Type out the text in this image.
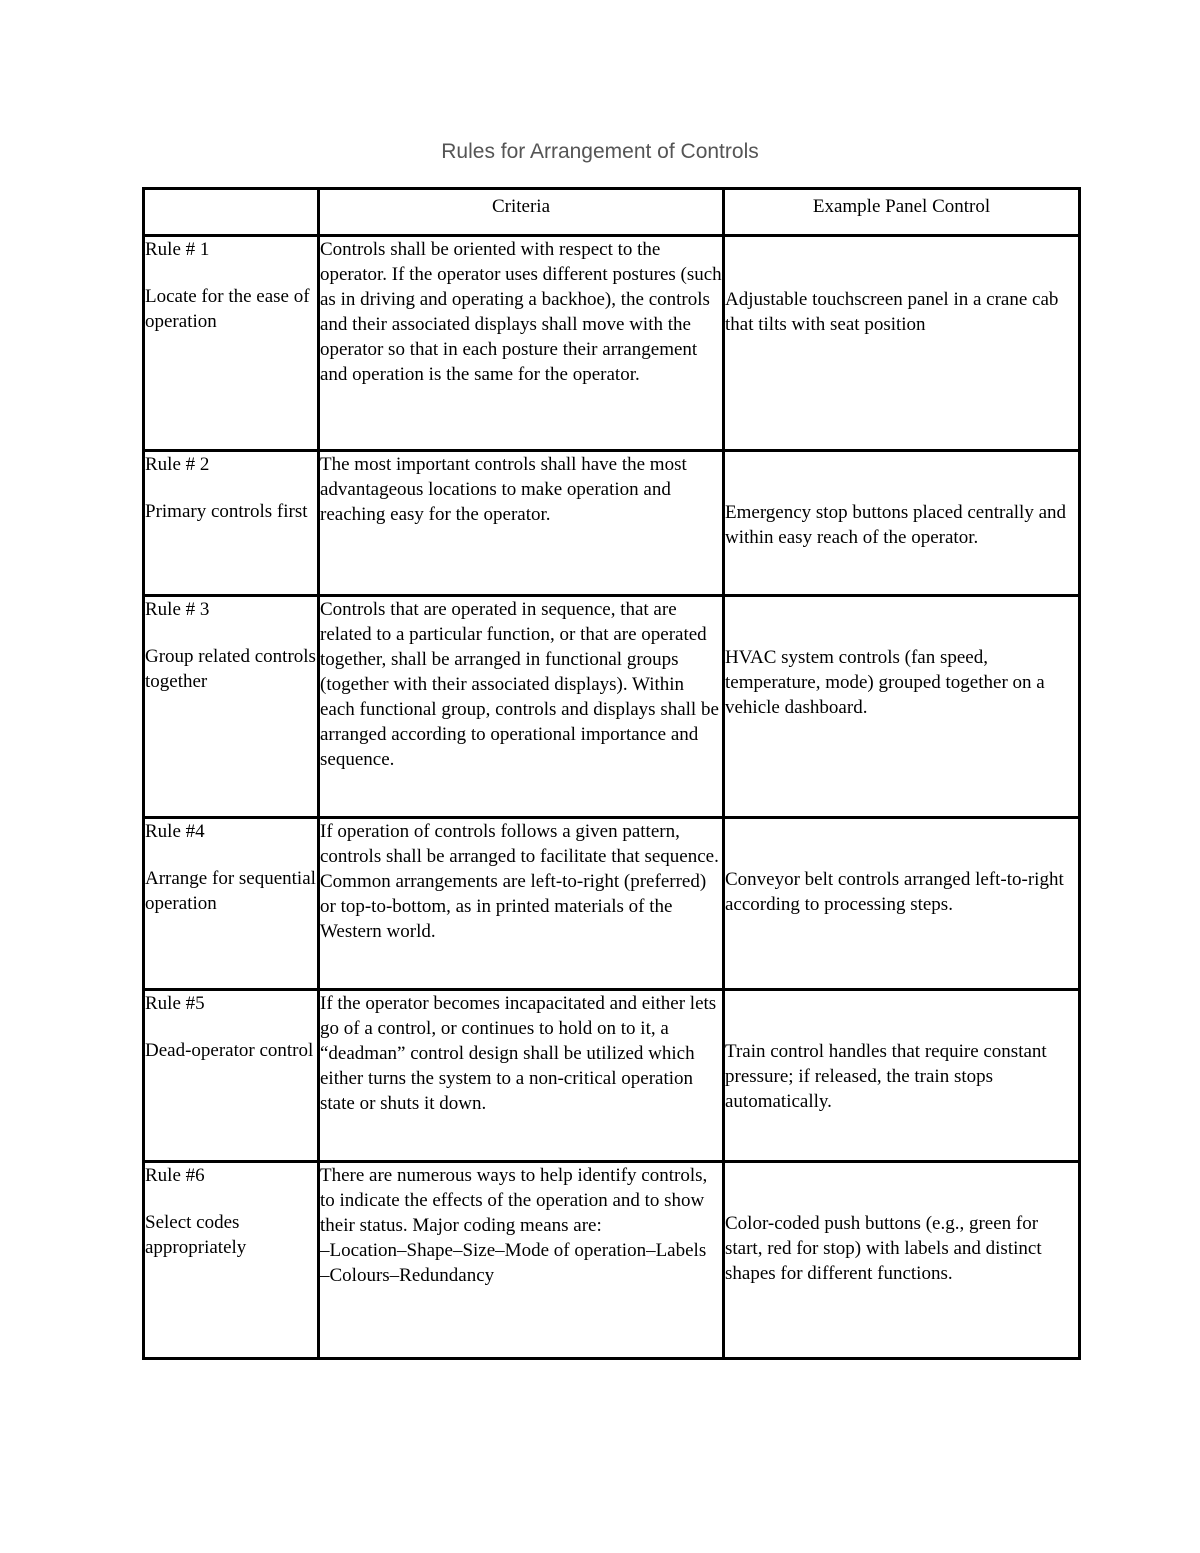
Rules for Arrangement of Controls
	Criteria	Example Panel Control

Rule # 1
Locate for the ease of operation	Controls shall be oriented with respect to the operator. If the operator uses different postures (such as in driving and operating a backhoe), the controls and their associated displays shall move with the operator so that in each posture their arrangement and operation is the same for the operator.	Adjustable touchscreen panel in a crane cab that tilts with seat position

Rule # 2
Primary controls first	The most important controls shall have the most advantageous locations to make operation and reaching easy for the operator.	Emergency stop buttons placed centrally and within easy reach of the operator.

Rule # 3
Group related controls together	Controls that are operated in sequence, that are related to a particular function, or that are operated together, shall be arranged in functional groups (together with their associated displays). Within each functional group, controls and displays shall be arranged according to operational importance and sequence.	HVAC system controls (fan speed, temperature, mode) grouped together on a vehicle dashboard.

Rule #4
Arrange for sequential operation	If operation of controls follows a given pattern, controls shall be arranged to facilitate that sequence. Common arrangements are left-to-right (preferred) or top-to-bottom, as in printed materials of the Western world.	Conveyor belt controls arranged left-to-right according to processing steps.

Rule #5
Dead-operator control	If the operator becomes incapacitated and either lets go of a control, or continues to hold on to it, a “deadman” control design shall be utilized which either turns the system to a non-critical operation state or shuts it down.	Train control handles that require constant pressure; if released, the train stops automatically.

Rule #6
Select codes appropriately	There are numerous ways to help identify controls, to indicate the effects of the operation and to show their status. Major coding means are:
–Location–Shape–Size–Mode of operation–Labels
–Colours–Redundancy	Color-coded push buttons (e.g., green for start, red for stop) with labels and distinct shapes for different functions.
